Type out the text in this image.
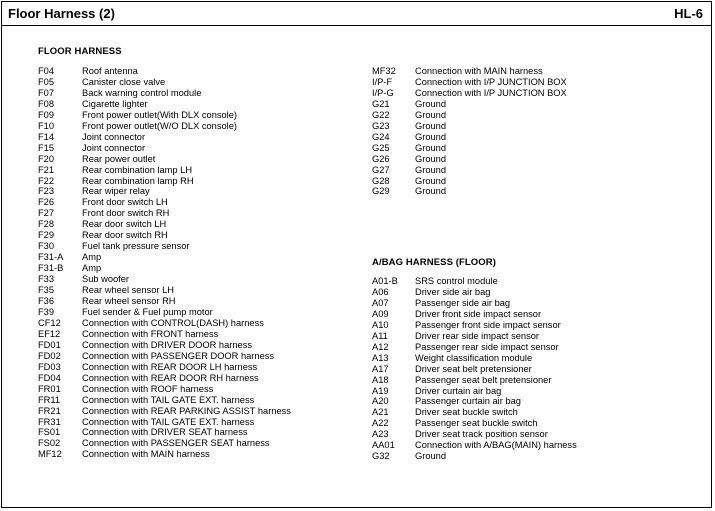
Floor Harness (2)	HL-6
FLOOR HARNESS
F04	Roof antenna
F05	Canister close valve
F07	Back warning control module
F08	Cigarette lighter
F09	Front power outlet(With DLX console)
F10	Front power outlet(W/O DLX console)
F14	Joint connector
F15	Joint connector
F20	Rear power outlet
F21	Rear combination lamp LH
F22	Rear combination lamp RH
F23	Rear wiper relay
F26	Front door switch LH
F27	Front door switch RH
F28	Rear door switch LH
F29	Rear door switch RH
F30	Fuel tank pressure sensor
F31-A Amp
F31-B Amp
F33	Sub woofer
F35	Rear wheel sensor LH
F36	Rear wheel sensor RH
F39	Fuel sender & Fuel pump motor
CF12 Connection with CONTROL(DASH) harness
EF12 Connection with FRONT harness
FD01 Connection with DRIVER DOOR harness
FD02 Connection with PASSENGER DOOR harness
FD03 Connection with REAR DOOR LH harness
FD04 Connection with REAR DOOR RH harness
FR01 Connection with ROOF harness
FR11 Connection with TAIL GATE EXT. harness
FR21 Connection with REAR PARKING ASSIST harness
FR31 Connection with TAIL GATE EXT. harness
FS01 Connection with DRIVER SEAT harness
FS02 Connection with PASSENGER SEAT harness
MF12 Connection with MAIN harness
MF32 Connection with MAIN harness
I/P-F Connection with I/P JUNCTION BOX
I/P-G Connection with I/P JUNCTION BOX
G21	Ground
G22	Ground
G23	Ground
G24	Ground
G25	Ground
G26	Ground
G27	Ground
G28	Ground
G29	Ground
A/BAG HARNESS (FLOOR)
A01-B SRS control module
A06	Driver side air bag
A07	Passenger side air bag
A09	Driver front side impact sensor
A10	Passenger front side impact sensor
A11	Driver rear side impact sensor
A12	Passenger rear side impact sensor
A13	Weight classification module
A17	Driver seat belt pretensioner
A18	Passenger seat belt pretensioner
A19	Driver curtain air bag
A20	Passenger curtain air bag
A21	Driver seat buckle switch
A22	Passenger seat buckle switch
A23	Driver seat track position sensor
AA01 Connection with A/BAG(MAIN) harness
G32	Ground
